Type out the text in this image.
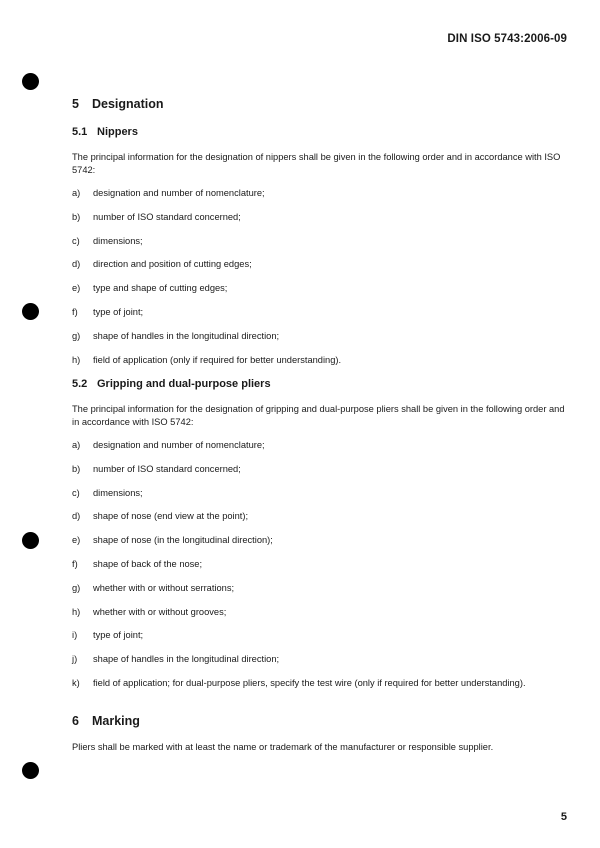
DIN ISO 5743:2006-09
5 Designation
5.1 Nippers
The principal information for the designation of nippers shall be given in the following order and in accordance with ISO 5742:
a) designation and number of nomenclature;
b) number of ISO standard concerned;
c) dimensions;
d) direction and position of cutting edges;
e) type and shape of cutting edges;
f) type of joint;
g) shape of handles in the longitudinal direction;
h) field of application (only if required for better understanding).
5.2 Gripping and dual-purpose pliers
The principal information for the designation of gripping and dual-purpose pliers shall be given in the following order and in accordance with ISO 5742:
a) designation and number of nomenclature;
b) number of ISO standard concerned;
c) dimensions;
d) shape of nose (end view at the point);
e) shape of nose (in the longitudinal direction);
f) shape of back of the nose;
g) whether with or without serrations;
h) whether with or without grooves;
i) type of joint;
j) shape of handles in the longitudinal direction;
k) field of application; for dual-purpose pliers, specify the test wire (only if required for better understanding).
6 Marking
Pliers shall be marked with at least the name or trademark of the manufacturer or responsible supplier.
5
